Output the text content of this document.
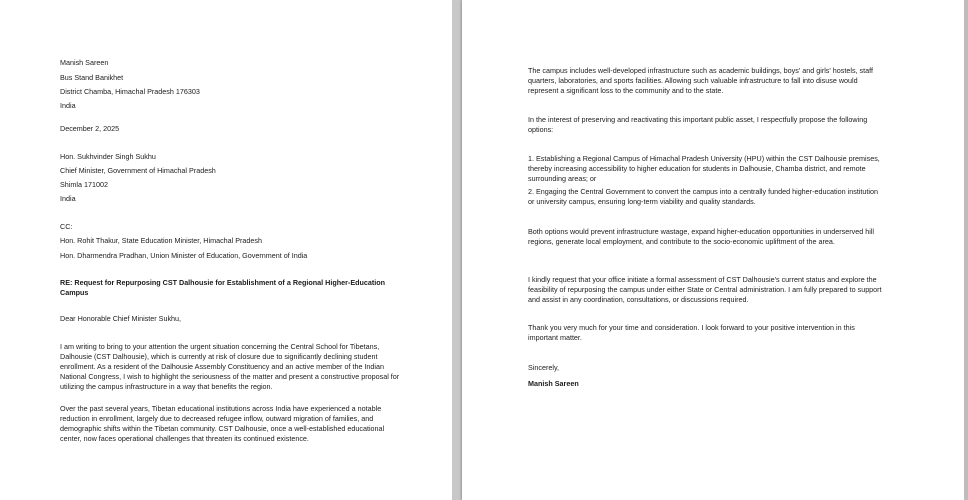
Manish Sareen

Bus Stand Banikhet

District Chamba, Himachal Pradesh 176303

India

December 2, 2025

Hon. Sukhvinder Singh Sukhu

Chief Minister, Government of Himachal Pradesh

Shimla 171002

India

CC:

Hon. Rohit Thakur, State Education Minister, Himachal Pradesh

Hon. Dharmendra Pradhan, Union Minister of Education, Government of India

RE: Request for Repurposing CST Dalhousie for Establishment of a Regional Higher-Education Campus

Dear Honorable Chief Minister Sukhu,

I am writing to bring to your attention the urgent situation concerning the Central School for Tibetans, Dalhousie (CST Dalhousie), which is currently at risk of closure due to significantly declining student enrollment. As a resident of the Dalhousie Assembly Constituency and an active member of the Indian National Congress, I wish to highlight the seriousness of the matter and present a constructive proposal for utilizing the campus infrastructure in a way that benefits the region.

Over the past several years, Tibetan educational institutions across India have experienced a notable reduction in enrollment, largely due to decreased refugee inflow, outward migration of families, and demographic shifts within the Tibetan community. CST Dalhousie, once a well-established educational center, now faces operational challenges that threaten its continued existence.

The campus includes well-developed infrastructure such as academic buildings, boys' and girls' hostels, staff quarters, laboratories, and sports facilities. Allowing such valuable infrastructure to fall into disuse would represent a significant loss to the community and to the state.

In the interest of preserving and reactivating this important public asset, I respectfully propose the following options:

1. Establishing a Regional Campus of Himachal Pradesh University (HPU) within the CST Dalhousie premises, thereby increasing accessibility to higher education for students in Dalhousie, Chamba district, and remote surrounding areas; or

2. Engaging the Central Government to convert the campus into a centrally funded higher-education institution or university campus, ensuring long-term viability and quality standards.

Both options would prevent infrastructure wastage, expand higher-education opportunities in underserved hill regions, generate local employment, and contribute to the socio-economic upliftment of the area.

I kindly request that your office initiate a formal assessment of CST Dalhousie's current status and explore the feasibility of repurposing the campus under either State or Central administration. I am fully prepared to support and assist in any coordination, consultations, or discussions required.

Thank you very much for your time and consideration. I look forward to your positive intervention in this important matter.

Sincerely,

Manish Sareen
